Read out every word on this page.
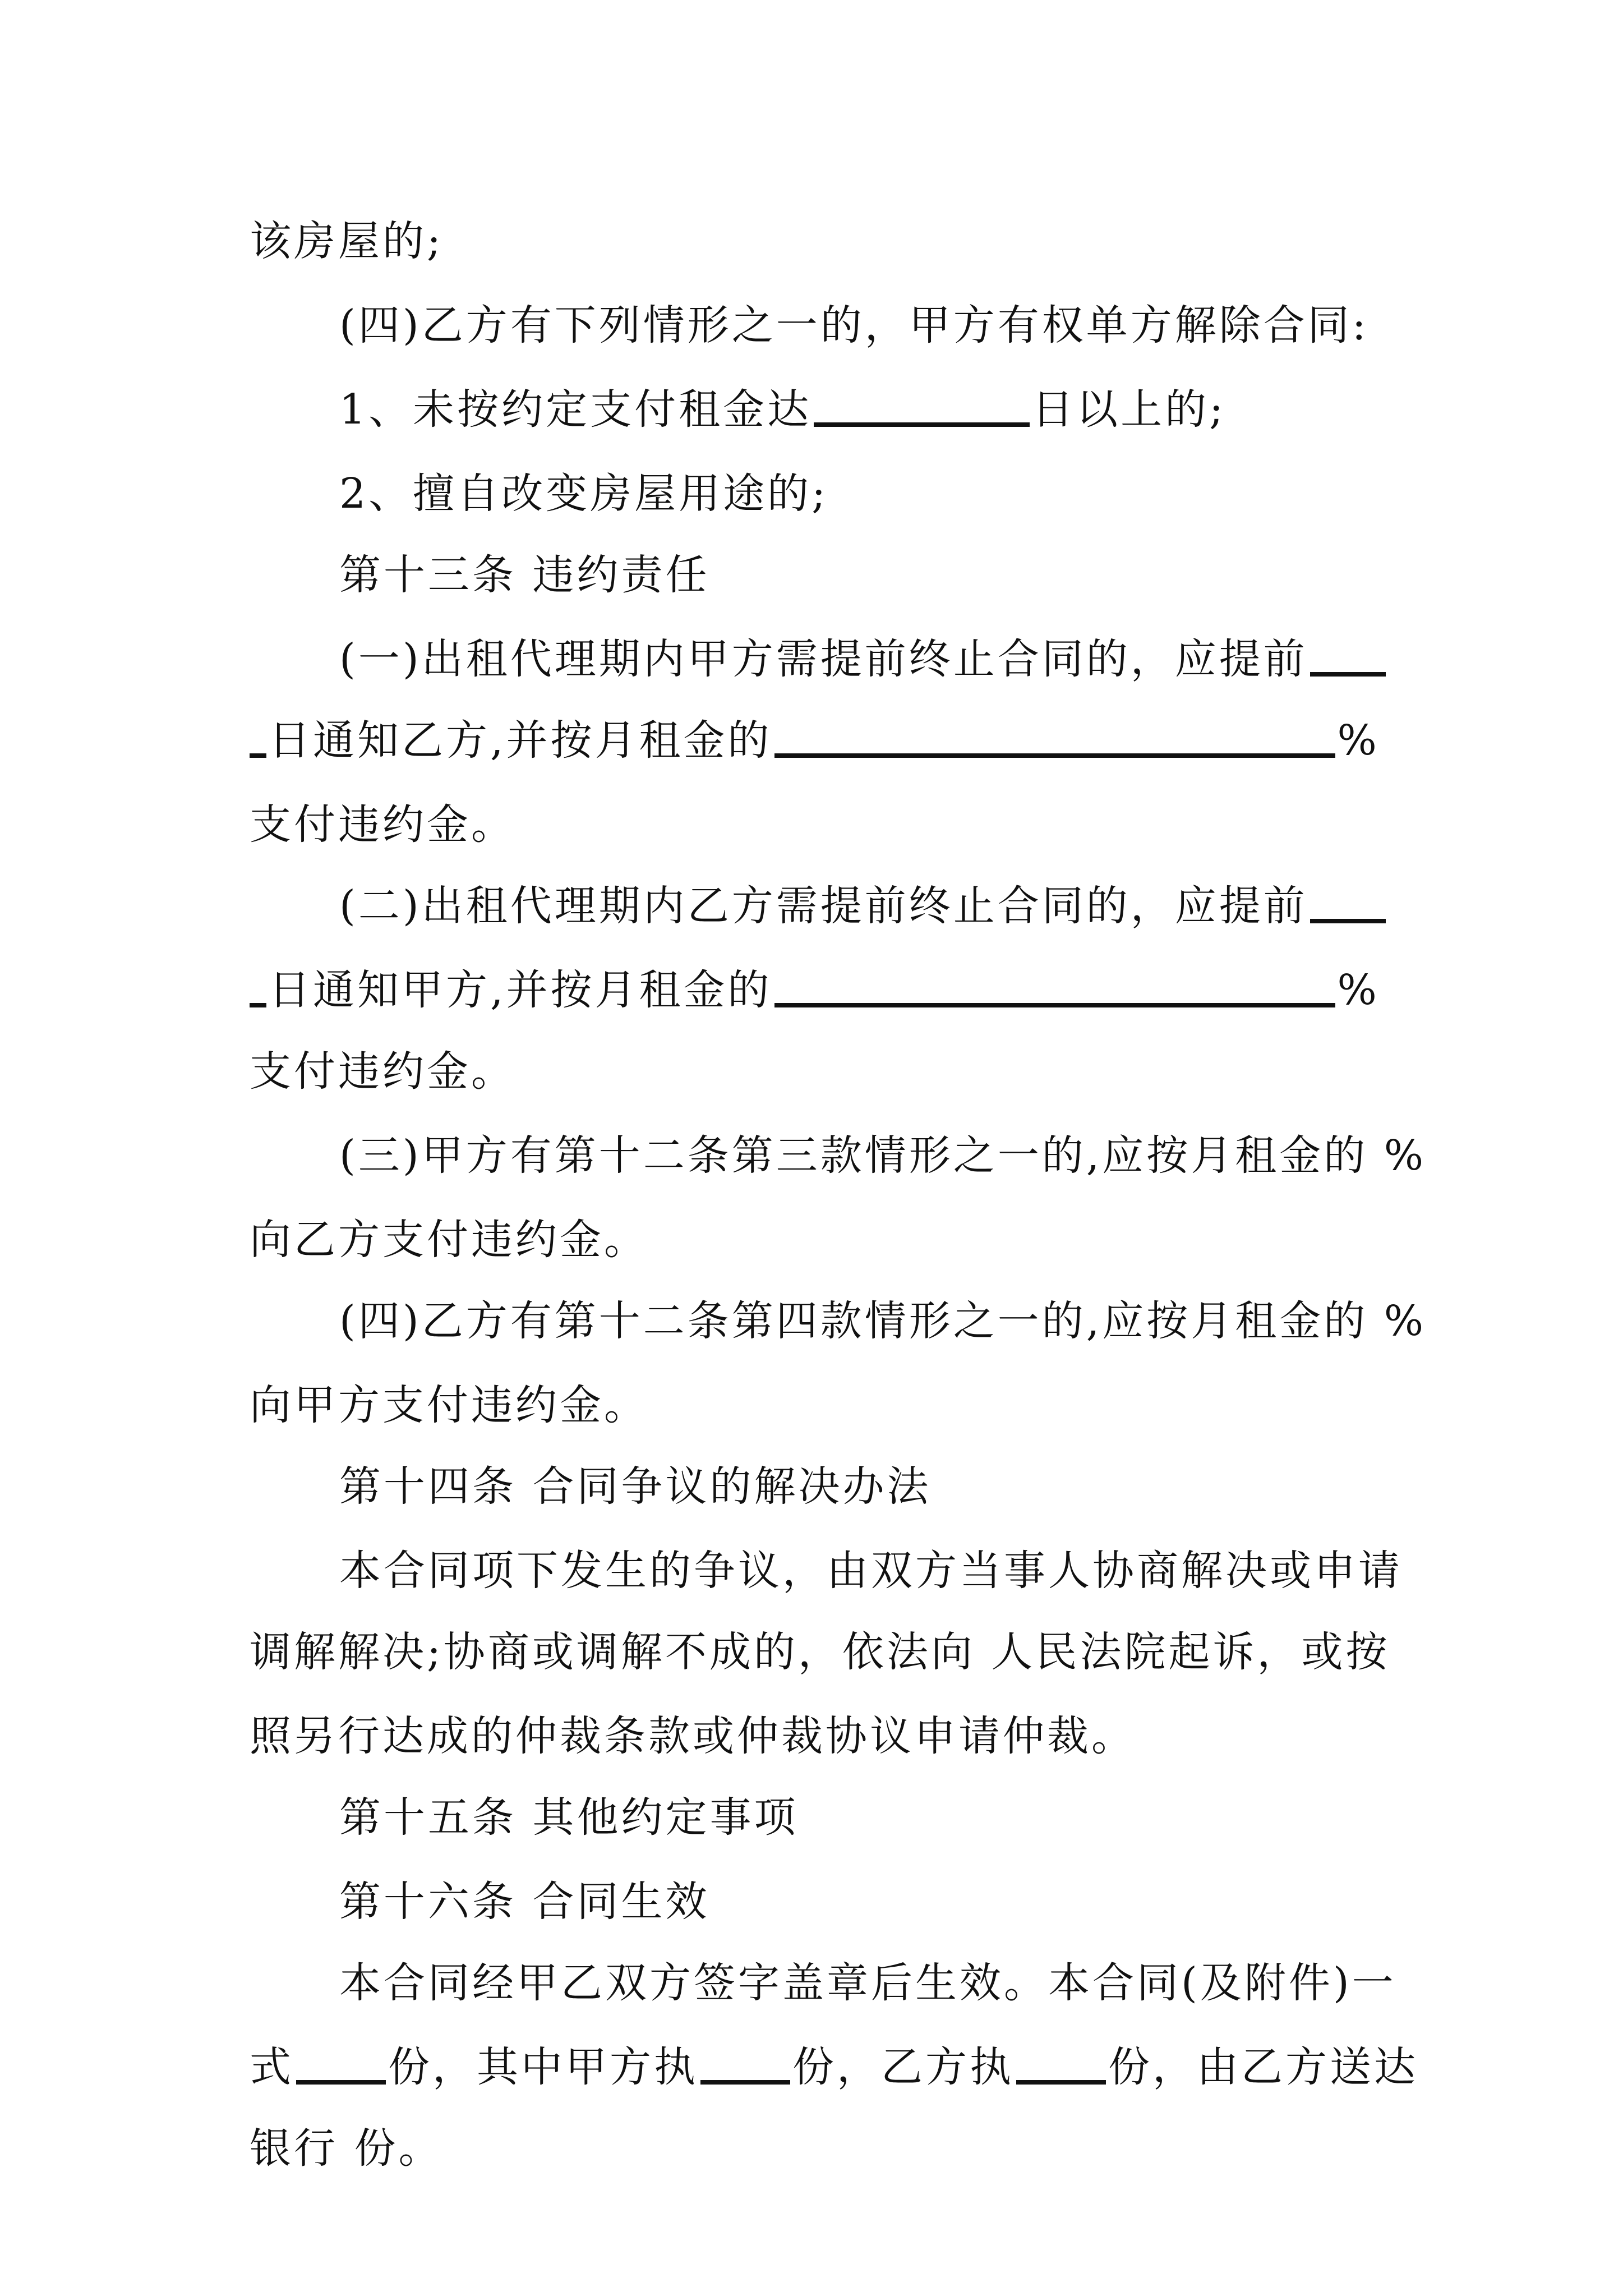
该房屋的;

(四)乙方有下列情形之一的，甲方有权单方解除合同:

1、未按约定支付租金达	日以上的;

2、擅自改变房屋用途的;

第十三条 违约责任

(一)出租代理期内甲方需提前终止合同的，应提前

日通知乙方,并按月租金的	%

支付违约金。

(二)出租代理期内乙方需提前终止合同的，应提前

日通知甲方,并按月租金的	%

支付违约金。

(三)甲方有第十二条第三款情形之一的,应按月租金的 %

向乙方支付违约金。

(四)乙方有第十二条第四款情形之一的,应按月租金的 %

向甲方支付违约金。

第十四条 合同争议的解决办法

本合同项下发生的争议，由双方当事人协商解决或申请

调解解决;协商或调解不成的，依法向 人民法院起诉，或按

照另行达成的仲裁条款或仲裁协议申请仲裁。

第十五条 其他约定事项

第十六条 合同生效

本合同经甲乙双方签字盖章后生效。本合同(及附件)一

式 份，其中甲方执 份，乙方执 份，由乙方送达

银行 份。
